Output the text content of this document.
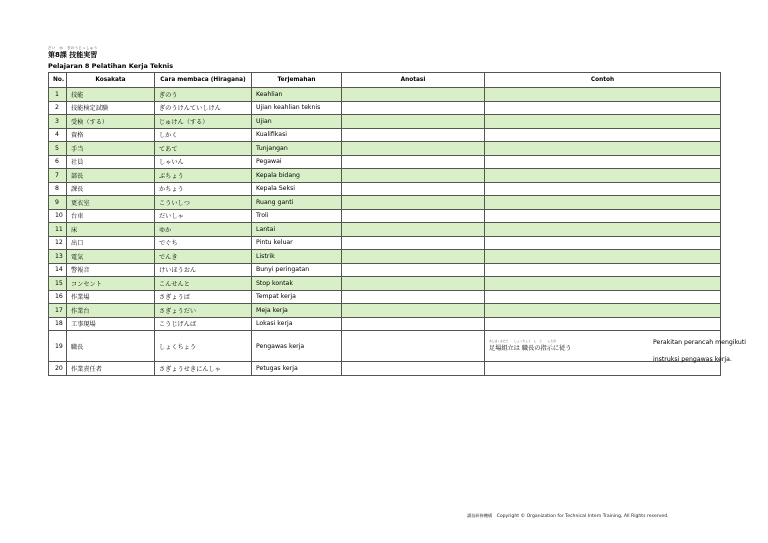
だい　か　ぎのうじっしゅう
第8課 技能実習
Pelajaran 8 Pelatihan Kerja Teknis
No.	Kosakata	Cara membaca (Hiragana)	Terjemahan	Anotasi	Contoh
1	技能	ぎのう	Keahlian		
2	技能検定試験	ぎのうけんていしけん	Ujian keahlian teknis		
3	受検（する）	じゅけん（する）	Ujian		
4	資格	しかく	Kualifikasi		
5	手当	てあて	Tunjangan		
6	社員	しゃいん	Pegawai		
7	部長	ぶちょう	Kepala bidang		
8	課長	かちょう	Kepala Seksi		
9	更衣室	こういしつ	Ruang ganti		
10	台車	だいしゃ	Troli		
11	床	ゆか	Lantai		
12	出口	でぐち	Pintu keluar		
13	電気	でんき	Listrik		
14	警報音	けいほうおん	Bunyi peringatan		
15	コンセント	こんせんと	Stop kontak		
16	作業場	さぎょうば	Tempat kerja		
17	作業台	さぎょうだい	Meja kerja		
18	工事現場	こうじげんば	Lokasi kerja		
19	職長	しょくちょう	Pengawas kerja		あしばくみたて　　しょくちょう　し　じ　　したが
足場組立は 職長の指示に従う
Perakitan perancah mengikuti instruksi pengawas kerja.

20	作業責任者	さぎょうせきにんしゃ	Petugas kerja		
講技研修機構 Copyright © Organization for Technical Intern Training, All Rights reserved.
